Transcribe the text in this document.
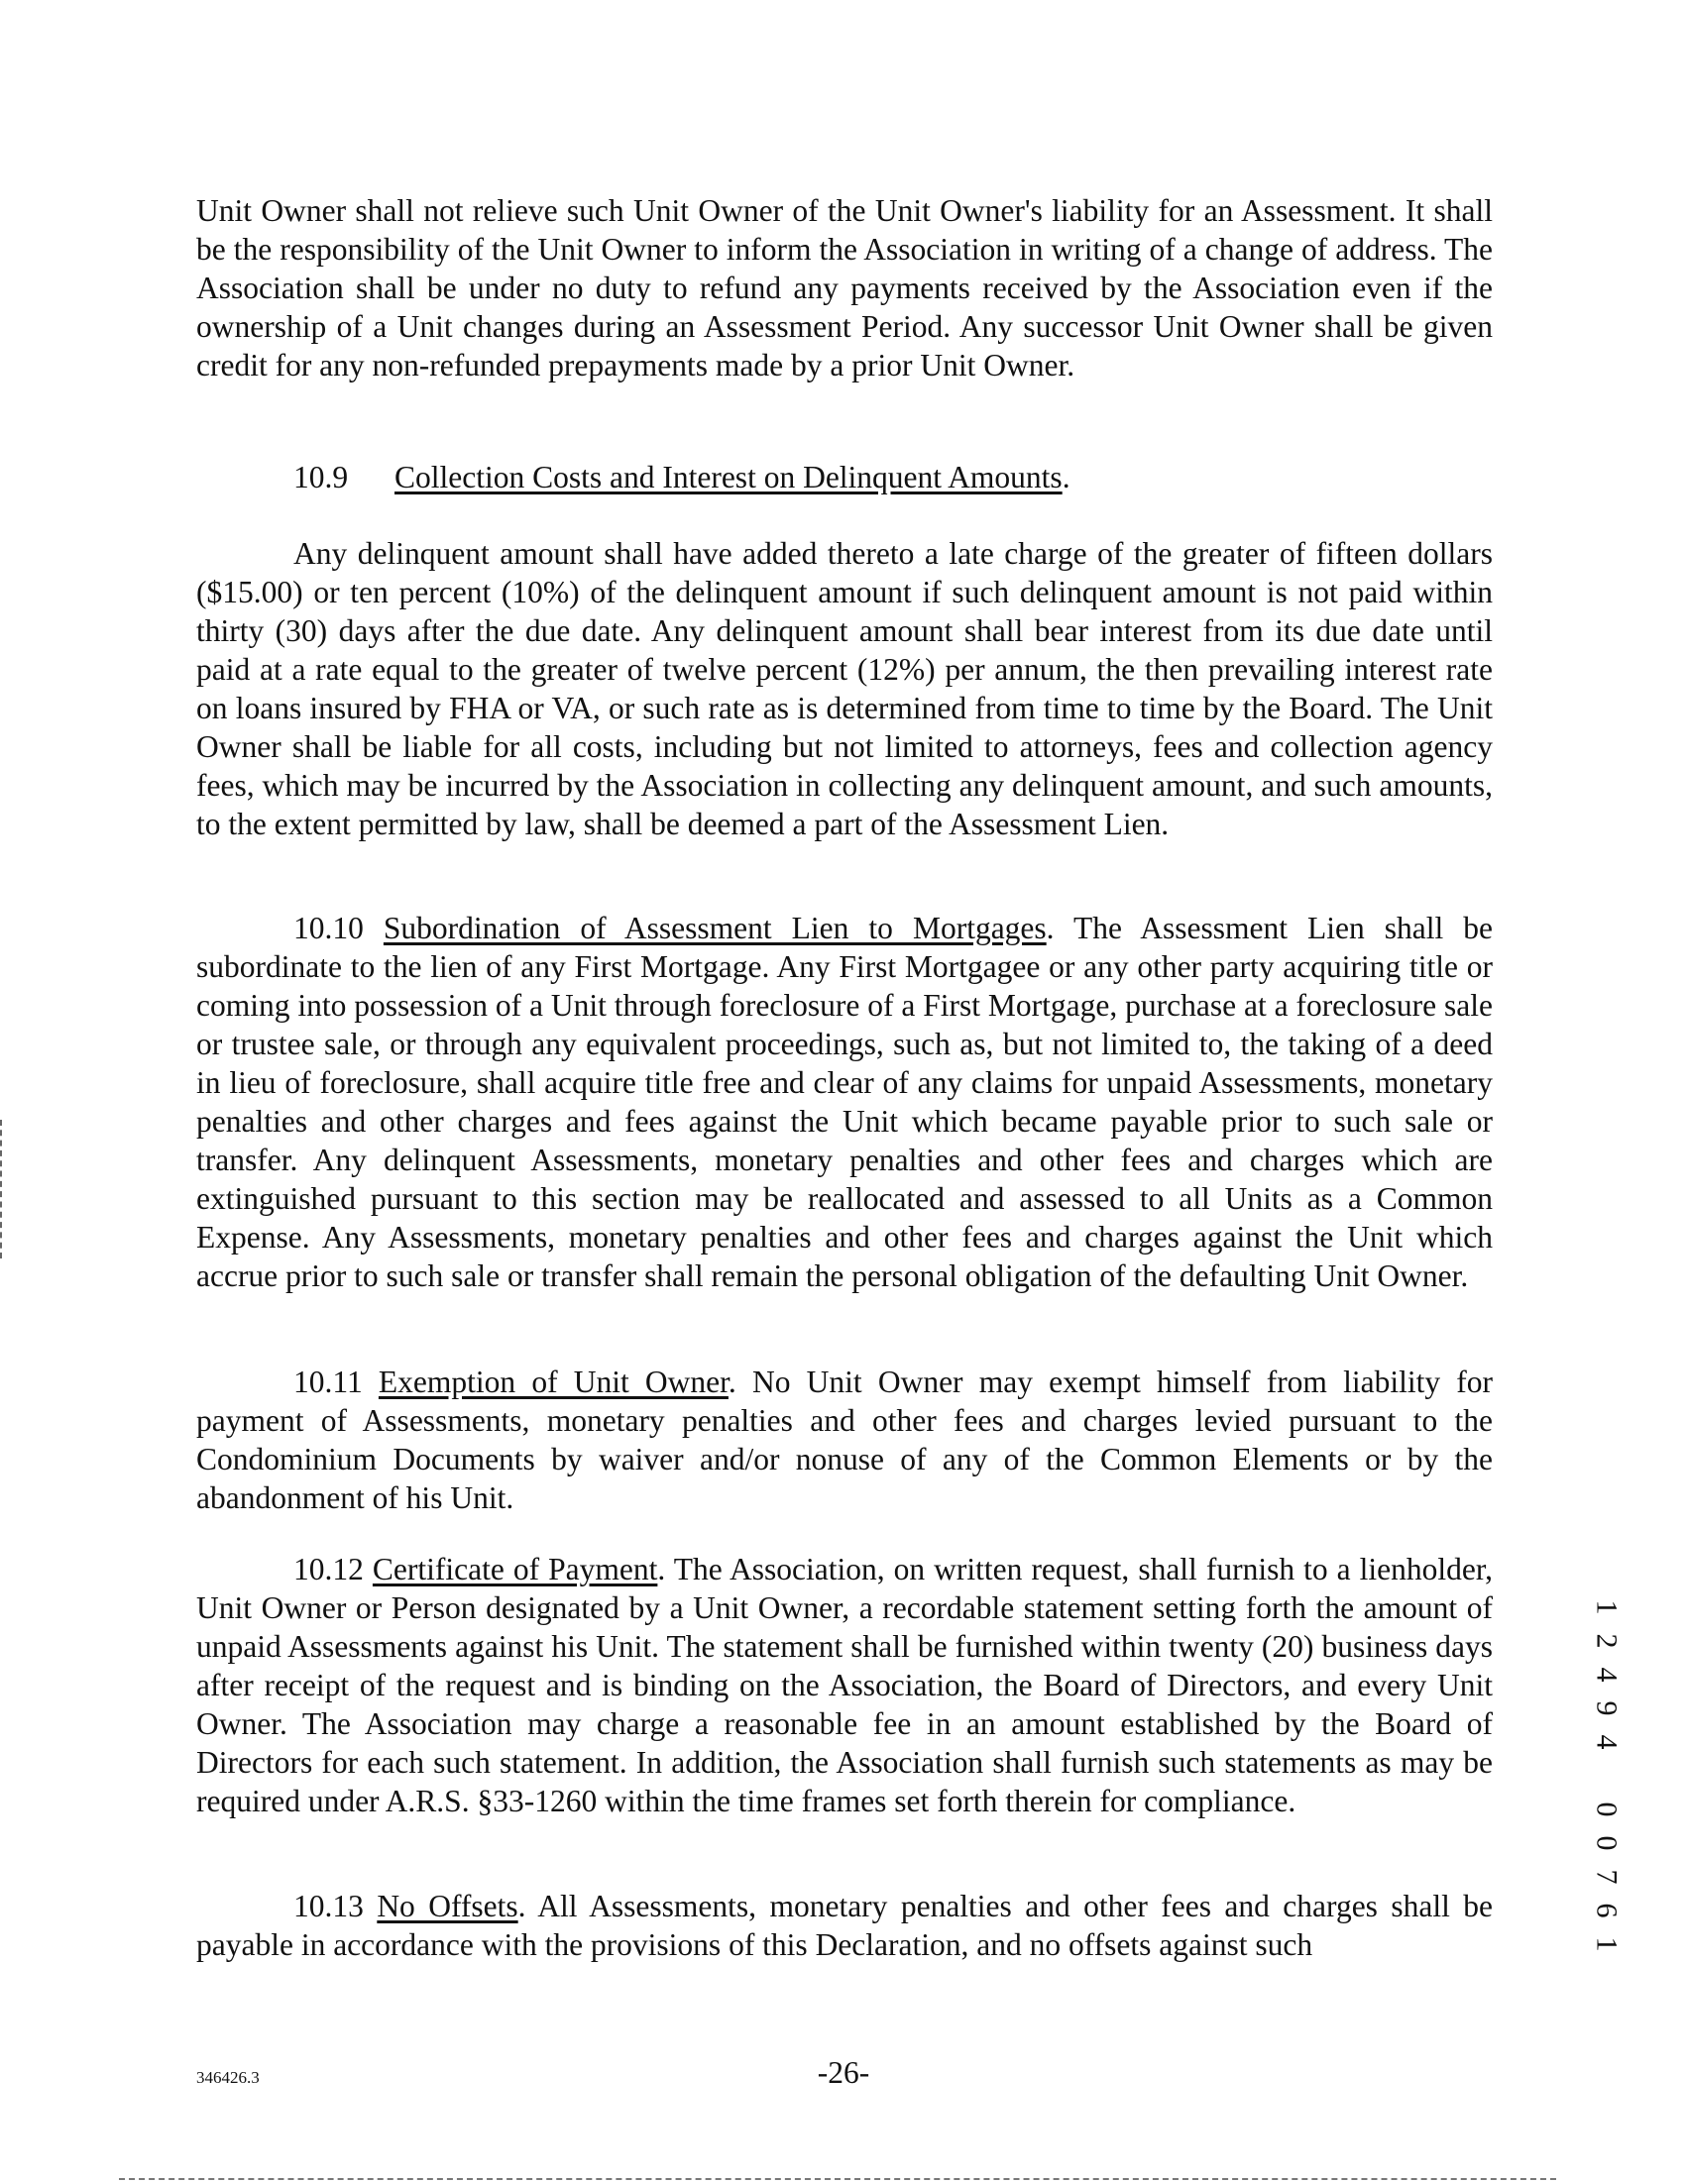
Unit Owner shall not relieve such Unit Owner of the Unit Owner's liability for an Assessment. It shall be the responsibility of the Unit Owner to inform the Association in writing of a change of address. The Association shall be under no duty to refund any payments received by the Association even if the ownership of a Unit changes during an Assessment Period. Any successor Unit Owner shall be given credit for any non-refunded prepayments made by a prior Unit Owner.

10.9 Collection Costs and Interest on Delinquent Amounts.

Any delinquent amount shall have added thereto a late charge of the greater of fifteen dollars ($15.00) or ten percent (10%) of the delinquent amount if such delinquent amount is not paid within thirty (30) days after the due date. Any delinquent amount shall bear interest from its due date until paid at a rate equal to the greater of twelve percent (12%) per annum, the then prevailing interest rate on loans insured by FHA or VA, or such rate as is determined from time to time by the Board. The Unit Owner shall be liable for all costs, including but not limited to attorneys, fees and collection agency fees, which may be incurred by the Association in collecting any delinquent amount, and such amounts, to the extent permitted by law, shall be deemed a part of the Assessment Lien.

10.10 Subordination of Assessment Lien to Mortgages. The Assessment Lien shall be subordinate to the lien of any First Mortgage. Any First Mortgagee or any other party acquiring title or coming into possession of a Unit through foreclosure of a First Mortgage, purchase at a foreclosure sale or trustee sale, or through any equivalent proceedings, such as, but not limited to, the taking of a deed in lieu of foreclosure, shall acquire title free and clear of any claims for unpaid Assessments, monetary penalties and other charges and fees against the Unit which became payable prior to such sale or transfer. Any delinquent Assessments, monetary penalties and other fees and charges which are extinguished pursuant to this section may be reallocated and assessed to all Units as a Common Expense. Any Assessments, monetary penalties and other fees and charges against the Unit which accrue prior to such sale or transfer shall remain the personal obligation of the defaulting Unit Owner.

10.11 Exemption of Unit Owner. No Unit Owner may exempt himself from liability for payment of Assessments, monetary penalties and other fees and charges levied pursuant to the Condominium Documents by waiver and/or nonuse of any of the Common Elements or by the abandonment of his Unit.

10.12 Certificate of Payment. The Association, on written request, shall furnish to a lienholder, Unit Owner or Person designated by a Unit Owner, a recordable statement setting forth the amount of unpaid Assessments against his Unit. The statement shall be furnished within twenty (20) business days after receipt of the request and is binding on the Association, the Board of Directors, and every Unit Owner. The Association may charge a reasonable fee in an amount established by the Board of Directors for each such statement. In addition, the Association shall furnish such statements as may be required under A.R.S. §33-1260 within the time frames set forth therein for compliance.

10.13 No Offsets. All Assessments, monetary penalties and other fees and charges shall be payable in accordance with the provisions of this Declaration, and no offsets against such

1
2
4
9
4
0
0
7
6
1
346426.3	-26-
